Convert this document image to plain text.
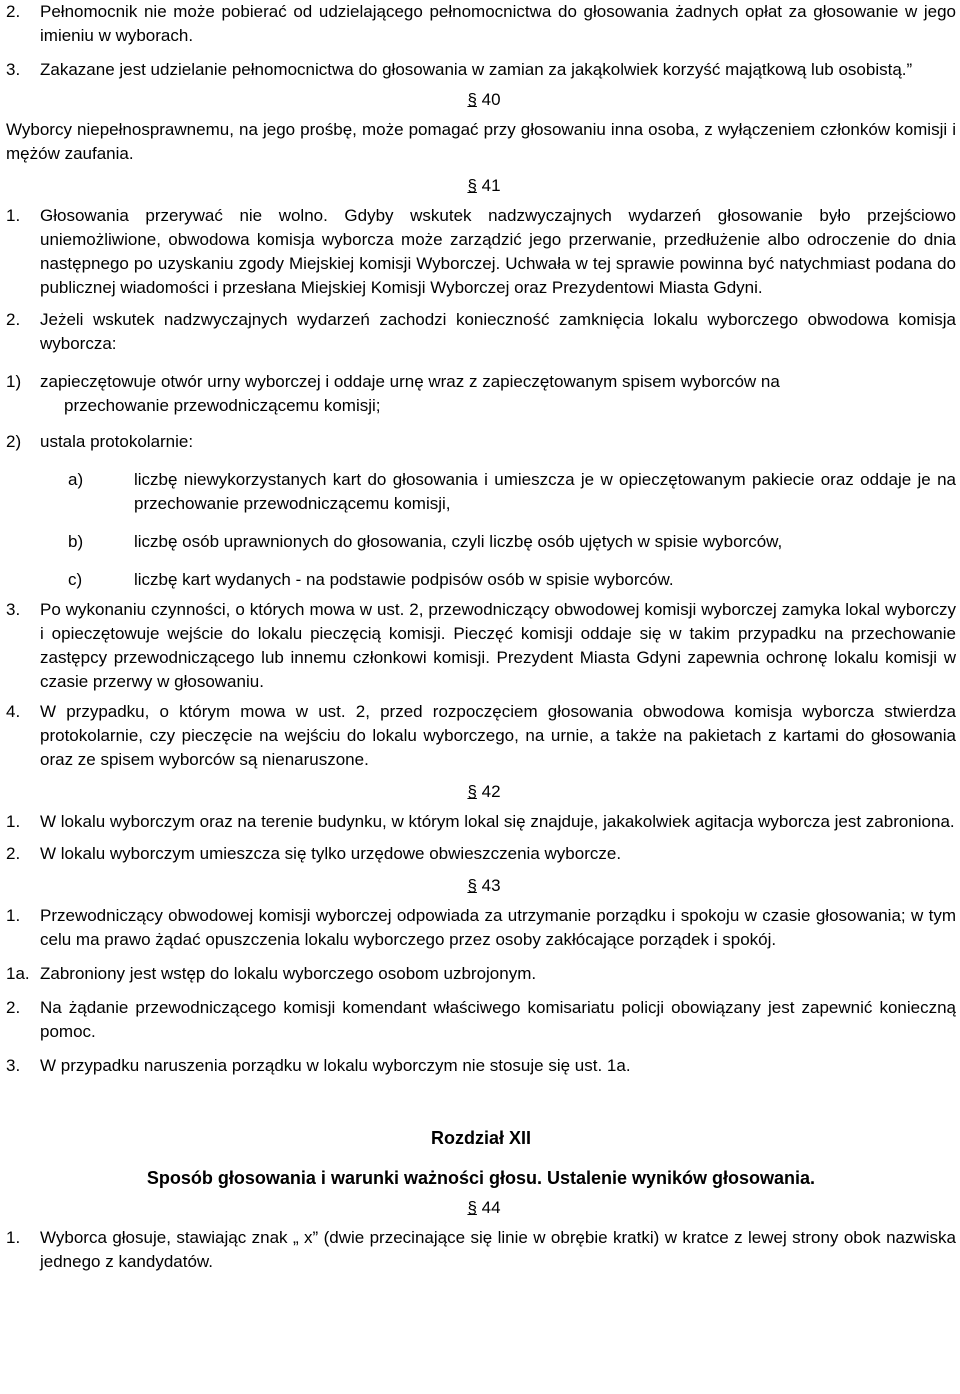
2.	Pełnomocnik nie może pobierać od udzielającego pełnomocnictwa do głosowania żadnych opłat za głosowanie w jego imieniu w wyborach.
3.	Zakazane jest udzielanie pełnomocnictwa do głosowania w zamian za jakąkolwiek korzyść majątkową lub osobistą.”
§ 40
Wyborcy niepełnosprawnemu, na jego prośbę, może pomagać przy głosowaniu inna osoba, z wyłączeniem członków komisji i mężów zaufania.
§ 41
1.	Głosowania przerywać nie wolno. Gdyby wskutek nadzwyczajnych wydarzeń głosowanie było przejściowo uniemożliwione, obwodowa komisja wyborcza może zarządzić jego przerwanie, przedłużenie albo odroczenie do dnia następnego po uzyskaniu zgody Miejskiej komisji Wyborczej. Uchwała w tej sprawie powinna być natychmiast podana do publicznej wiadomości i przesłana Miejskiej Komisji Wyborczej oraz Prezydentowi Miasta Gdyni.
2.	Jeżeli wskutek nadzwyczajnych wydarzeń zachodzi konieczność zamknięcia lokalu wyborczego obwodowa komisja wyborcza:
1)	zapieczętowuje otwór urny wyborczej i oddaje urnę wraz z zapieczętowanym spisem wyborców na
przechowanie przewodniczącemu komisji;
2)	ustala protokolarnie:
a)	liczbę niewykorzystanych kart do głosowania i umieszcza je w opieczętowanym pakiecie oraz oddaje je na przechowanie przewodniczącemu komisji,
b)	liczbę osób uprawnionych do głosowania, czyli liczbę osób ujętych w spisie wyborców,
c)	liczbę kart wydanych - na podstawie podpisów osób w spisie wyborców.
3.	Po wykonaniu czynności, o których mowa w ust. 2, przewodniczący obwodowej komisji wyborczej zamyka lokal wyborczy i opieczętowuje wejście do lokalu pieczęcią komisji. Pieczęć komisji oddaje się w takim przypadku na przechowanie zastępcy przewodniczącego lub innemu członkowi komisji. Prezydent Miasta Gdyni zapewnia ochronę lokalu komisji w czasie przerwy w głosowaniu.
4.	W przypadku, o którym mowa w ust. 2, przed rozpoczęciem głosowania obwodowa komisja wyborcza stwierdza protokolarnie, czy pieczęcie na wejściu do lokalu wyborczego, na urnie, a także na pakietach z kartami do głosowania oraz ze spisem wyborców są nienaruszone.
§ 42
1.	W lokalu wyborczym oraz na terenie budynku, w którym lokal się znajduje, jakakolwiek agitacja wyborcza jest zabroniona.
2.	W lokalu wyborczym umieszcza się tylko urzędowe obwieszczenia wyborcze.
§ 43
1.	Przewodniczący obwodowej komisji wyborczej odpowiada za utrzymanie porządku i spokoju w czasie głosowania; w tym celu ma prawo żądać opuszczenia lokalu wyborczego przez osoby zakłócające porządek i spokój.
1a. Zabroniony jest wstęp do lokalu wyborczego osobom uzbrojonym.
2.	Na żądanie przewodniczącego komisji komendant właściwego komisariatu policji obowiązany jest zapewnić konieczną pomoc.
3.	W przypadku naruszenia porządku w lokalu wyborczym nie stosuje się ust. 1a.
Rozdział XII
Sposób głosowania i warunki ważności głosu. Ustalenie wyników głosowania.
§ 44
1.	Wyborca głosuje, stawiając znak „ x” (dwie przecinające się linie w obrębie kratki) w kratce z lewej strony obok nazwiska jednego z kandydatów.
